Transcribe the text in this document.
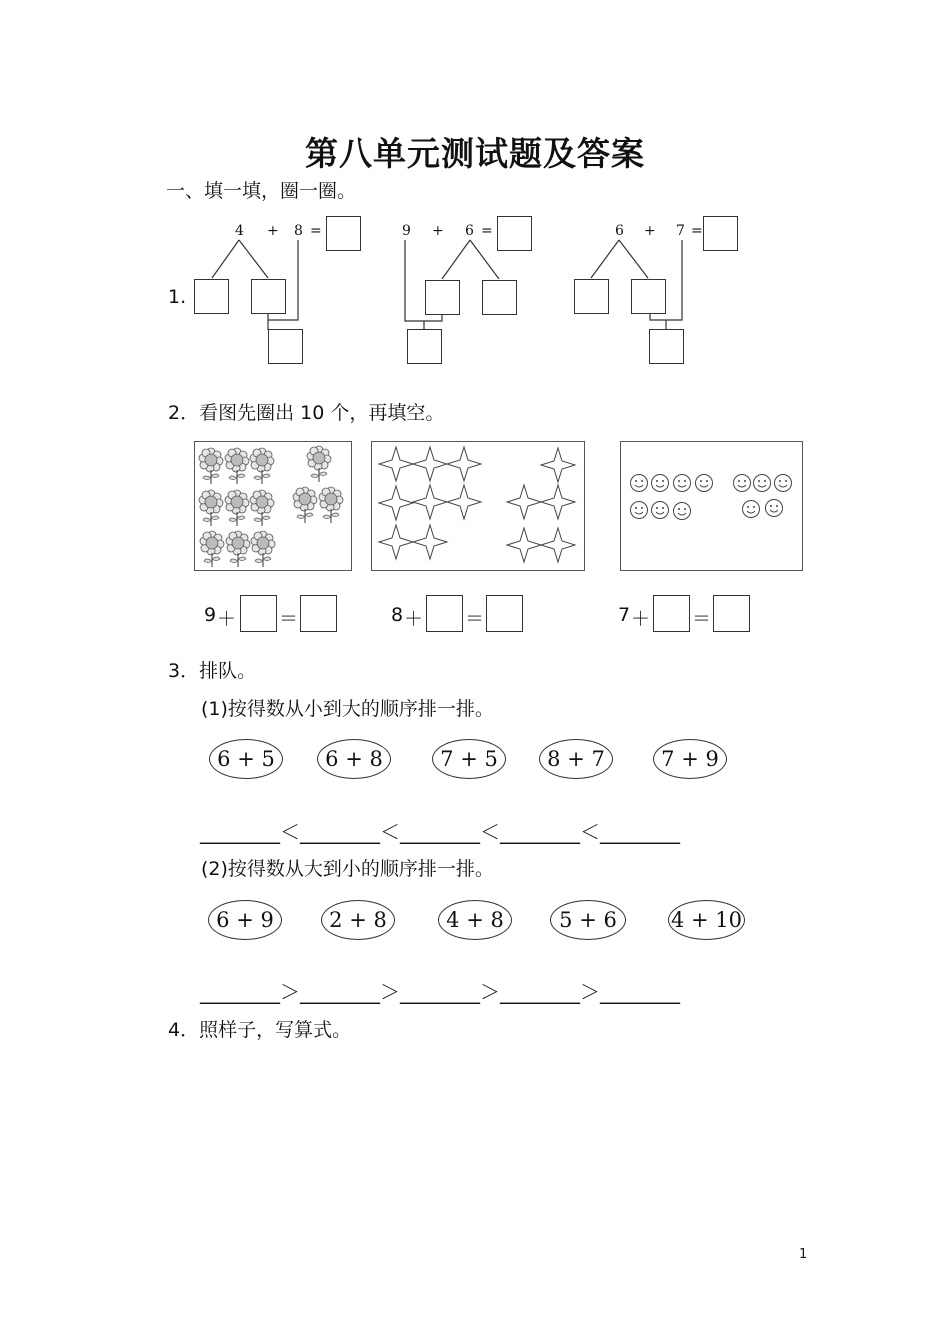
第八单元测试题及答案
一、填一填，圈一圈。
1.
4 + 8 =	9 + 6 =	6 + 7 =
2．看图先圈出 10 个，再填空。
9 ＋ ＝	8 ＋ ＝	7 ＋ ＝
3．排队。
(1)按得数从小到大的顺序排一排。
6 + 5	6 + 8	7 + 5	8 + 7	7 + 9
________＜________＜________＜________＜________
(2)按得数从大到小的顺序排一排。
6 + 9	2 + 8	4 + 8	5 + 6	4 + 10
________＞________＞________＞________＞________
4．照样子，写算式。
1
